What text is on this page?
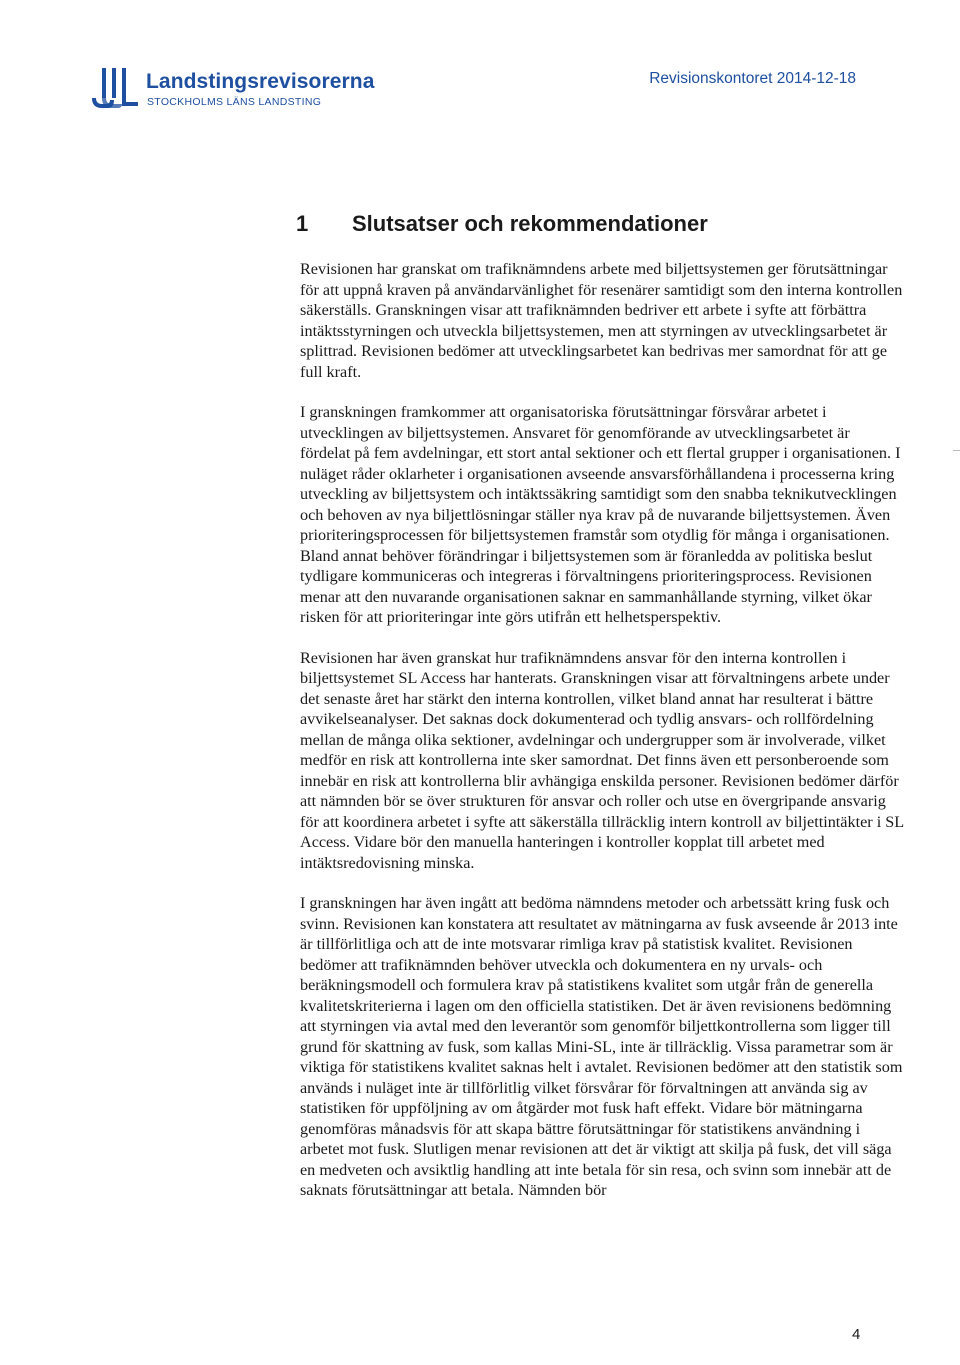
Landstingsrevisorerna
STOCKHOLMS LÄNS LANDSTING
Revisionskontoret 2014-12-18
1 Slutsatser och rekommendationer

Revisionen har granskat om trafiknämndens arbete med biljettsystemen ger förutsättningar för att uppnå kraven på användarvänlighet för resenärer samtidigt som den interna kontrollen säkerställs. Granskningen visar att trafiknämnden bedriver ett arbete i syfte att förbättra intäktsstyrningen och utveckla biljettsystemen, men att styrningen av utvecklingsarbetet är splittrad. Revisionen bedömer att utvecklingsarbetet kan bedrivas mer samordnat för att ge full kraft.

I granskningen framkommer att organisatoriska förutsättningar försvårar arbetet i utvecklingen av biljettsystemen. Ansvaret för genomförande av utvecklingsarbetet är fördelat på fem avdelningar, ett stort antal sektioner och ett flertal grupper i organisationen. I nuläget råder oklarheter i organisationen avseende ansvarsförhållandena i processerna kring utveckling av biljettsystem och intäktssäkring samtidigt som den snabba teknikutvecklingen och behoven av nya biljettlösningar ställer nya krav på de nuvarande biljettsystemen. Även prioriteringsprocessen för biljettsystemen framstår som otydlig för många i organisationen. Bland annat behöver förändringar i biljettsystemen som är föranledda av politiska beslut tydligare kommuniceras och integreras i förvaltningens prioriteringsprocess. Revisionen menar att den nuvarande organisationen saknar en sammanhållande styrning, vilket ökar risken för att prioriteringar inte görs utifrån ett helhetsperspektiv.

Revisionen har även granskat hur trafiknämndens ansvar för den interna kontrollen i biljettsystemet SL Access har hanterats. Granskningen visar att förvaltningens arbete under det senaste året har stärkt den interna kontrollen, vilket bland annat har resulterat i bättre avvikelseanalyser. Det saknas dock dokumenterad och tydlig ansvars- och rollfördelning mellan de många olika sektioner, avdelningar och undergrupper som är involverade, vilket medför en risk att kontrollerna inte sker samordnat. Det finns även ett personberoende som innebär en risk att kontrollerna blir avhängiga enskilda personer. Revisionen bedömer därför att nämnden bör se över strukturen för ansvar och roller och utse en övergripande ansvarig för att koordinera arbetet i syfte att säkerställa tillräcklig intern kontroll av biljettintäkter i SL Access. Vidare bör den manuella hanteringen i kontroller kopplat till arbetet med intäktsredovisning minska.

I granskningen har även ingått att bedöma nämndens metoder och arbetssätt kring fusk och svinn. Revisionen kan konstatera att resultatet av mätningarna av fusk avseende år 2013 inte är tillförlitliga och att de inte motsvarar rimliga krav på statistisk kvalitet. Revisionen bedömer att trafiknämnden behöver utveckla och dokumentera en ny urvals- och beräkningsmodell och formulera krav på statistikens kvalitet som utgår från de generella kvalitetskriterierna i lagen om den officiella statistiken. Det är även revisionens bedömning att styrningen via avtal med den leverantör som genomför biljettkontrollerna som ligger till grund för skattning av fusk, som kallas Mini-SL, inte är tillräcklig. Vissa parametrar som är viktiga för statistikens kvalitet saknas helt i avtalet. Revisionen bedömer att den statistik som används i nuläget inte är tillförlitlig vilket försvårar för förvaltningen att använda sig av statistiken för uppföljning av om åtgärder mot fusk haft effekt. Vidare bör mätningarna genomföras månadsvis för att skapa bättre förutsättningar för statistikens användning i arbetet mot fusk. Slutligen menar revisionen att det är viktigt att skilja på fusk, det vill säga en medveten och avsiktlig handling att inte betala för sin resa, och svinn som innebär att de saknats förutsättningar att betala. Nämnden bör

4
